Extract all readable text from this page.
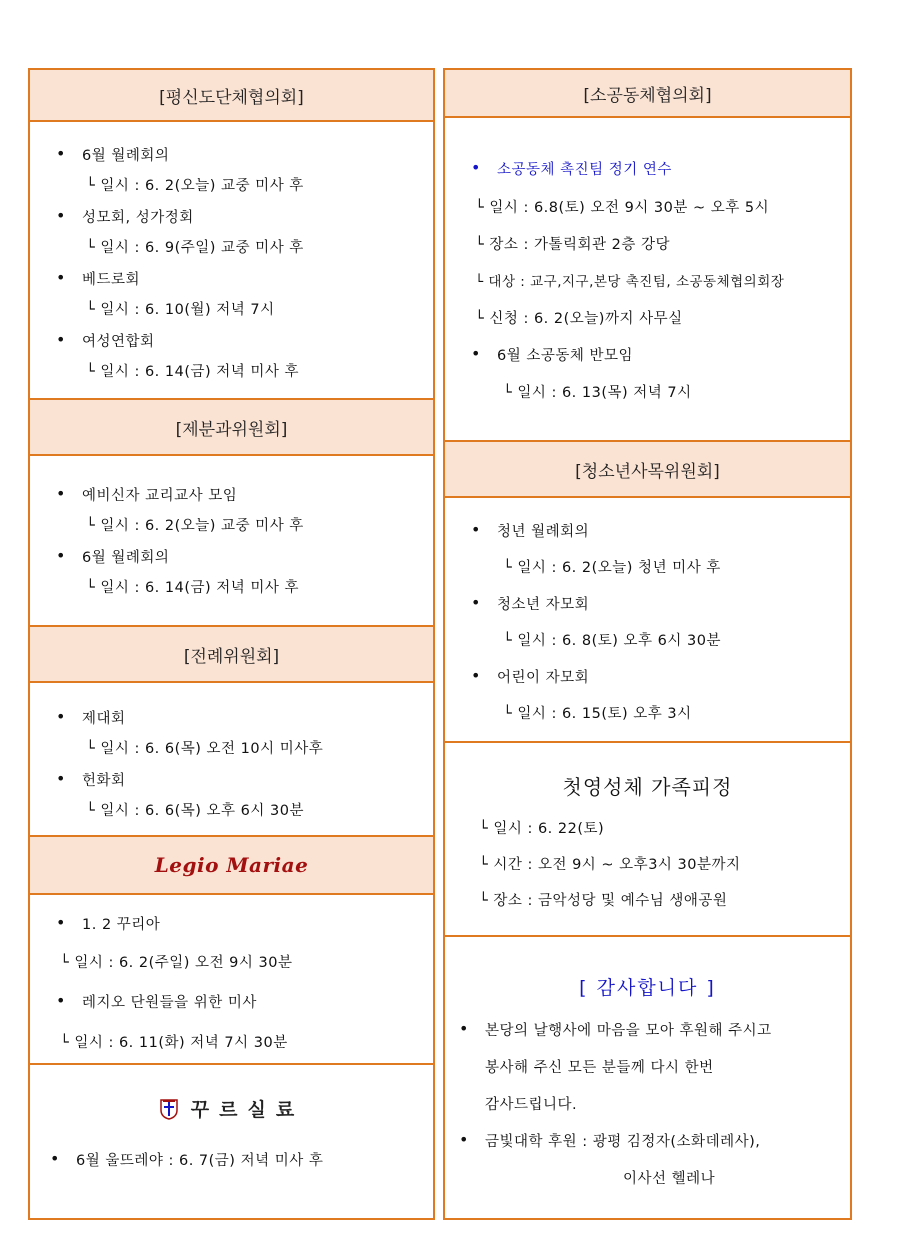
[평신도단체협의회]
• 6월 월례회의
└ 일시 : 6. 2(오늘) 교중 미사 후
• 성모회, 성가정회
└ 일시 : 6. 9(주일) 교중 미사 후
• 베드로회
└ 일시 : 6. 10(월) 저녁 7시
• 여성연합회
└ 일시 : 6. 14(금) 저녁 미사 후
[제분과위원회]
• 예비신자 교리교사 모임
└ 일시 : 6. 2(오늘) 교중 미사 후
• 6월 월례회의
└ 일시 : 6. 14(금) 저녁 미사 후
[전례위원회]
• 제대회
└ 일시 : 6. 6(목) 오전 10시 미사후
• 헌화회
└ 일시 : 6. 6(목) 오후 6시 30분
Legio Mariae
• 1. 2 꾸리아
└ 일시 : 6. 2(주일) 오전 9시 30분
• 레지오 단원들을 위한 미사
└ 일시 : 6. 11(화) 저녁 7시 30분
꾸르실료
• 6월 울뜨레야 : 6. 7(금) 저녁 미사 후
[소공동체협의회]
• 소공동체 촉진팀 정기 연수
└ 일시 : 6.8(토) 오전 9시 30분 ~ 오후 5시
└ 장소 : 가톨릭회관 2층 강당
└ 대상 : 교구,지구,본당 촉진팀, 소공동체협의회장
└ 신청 : 6. 2(오늘)까지 사무실
• 6월 소공동체 반모임
└ 일시 : 6. 13(목) 저녁 7시
[청소년사목위원회]
• 청년 월례회의
└ 일시 : 6. 2(오늘) 청년 미사 후
• 청소년 자모회
└ 일시 : 6. 8(토) 오후 6시 30분
• 어린이 자모회
└ 일시 : 6. 15(토) 오후 3시
첫영성체 가족피정
└ 일시 : 6. 22(토)
└ 시간 : 오전 9시 ~ 오후3시 30분까지
└ 장소 : 금악성당 및 예수님 생애공원
[ 감사합니다 ]
• 본당의 날행사에 마음을 모아 후원해 주시고
봉사해 주신 모든 분들께 다시 한번
감사드립니다.
• 금빛대학 후원 : 광평 김정자(소화데레사),
이사선 헬레나
